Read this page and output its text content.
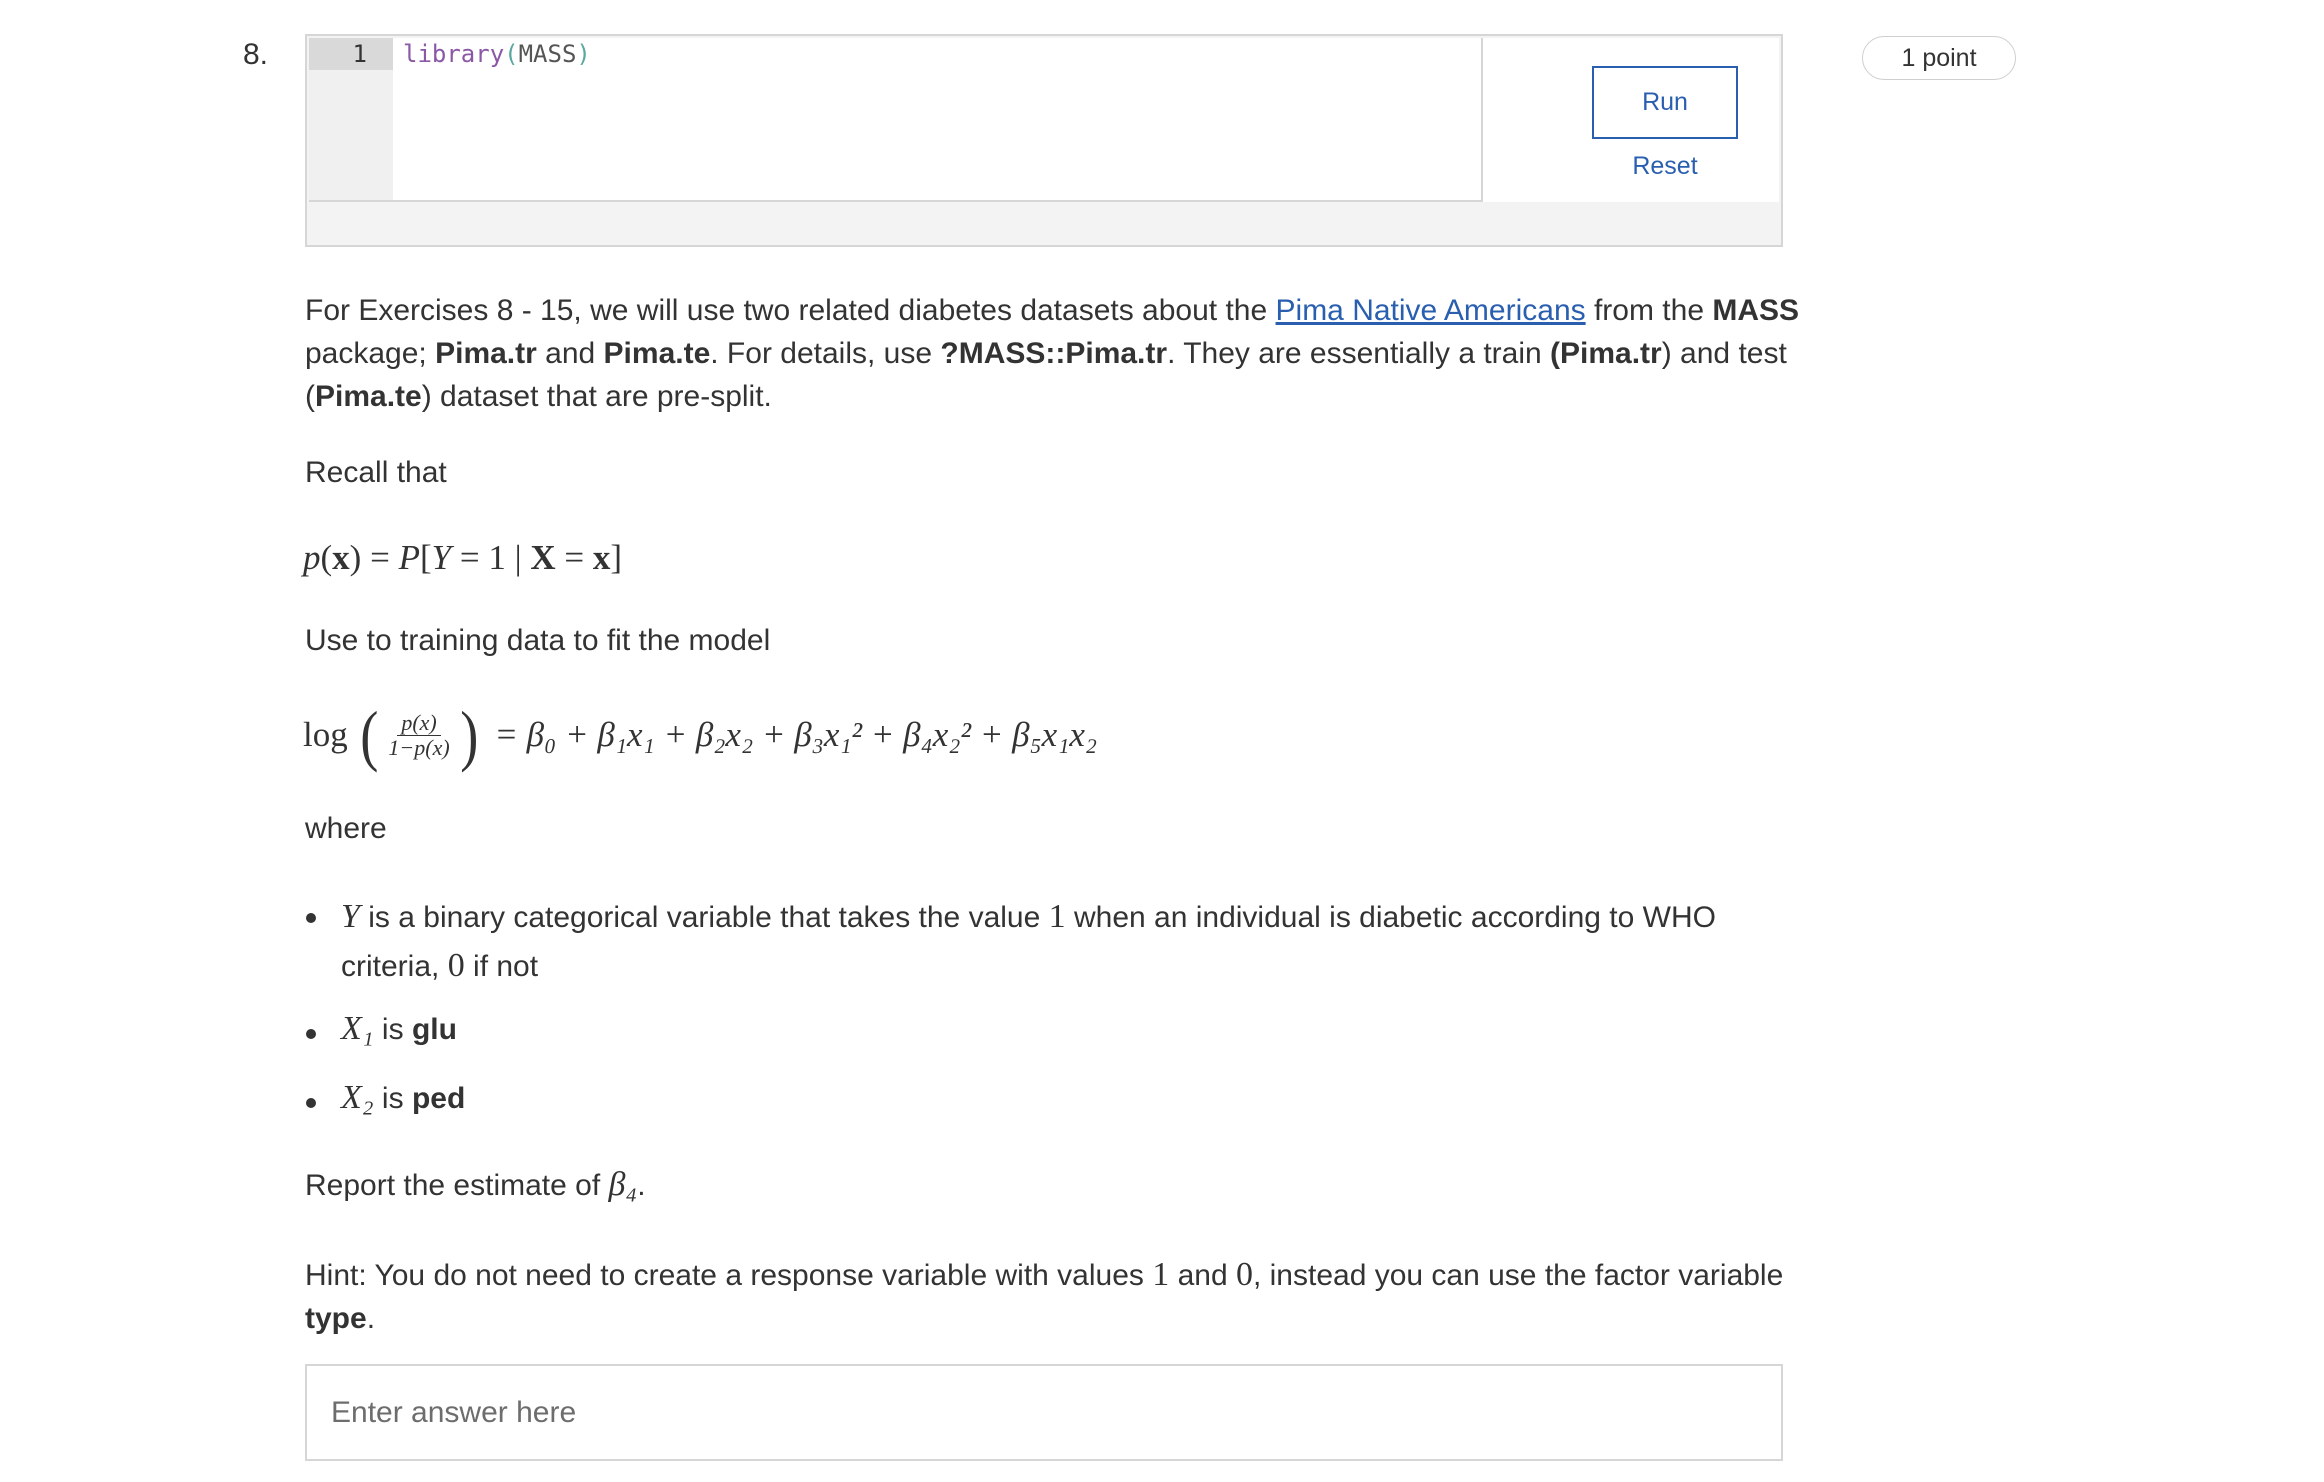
8.	1 point
1 library(MASS)
Run
Reset
For Exercises 8 - 15, we will use two related diabetes datasets about the Pima Native Americans from the MASS
package; Pima.tr and Pima.te. For details, use ?MASS::Pima.tr. They are essentially a train (Pima.tr) and test
(Pima.te) dataset that are pre-split.
Recall that
p(x) = P[Y = 1 | X = x]
Use to training data to fit the model
log ( $\frac{p(x)}{1-p(x)}$ ) = β₀ + β₁x₁ + β₂x₂ + β₃x₁² + β₄x₂² + β₅x₁x₂
where
Y is a binary categorical variable that takes the value 1 when an individual is diabetic according to WHO
criteria, 0 if not
X₁ is glu
X₂ is ped
Report the estimate of β₄.
Hint: You do not need to create a response variable with values 1 and 0, instead you can use the factor variable
type.
Enter answer here
